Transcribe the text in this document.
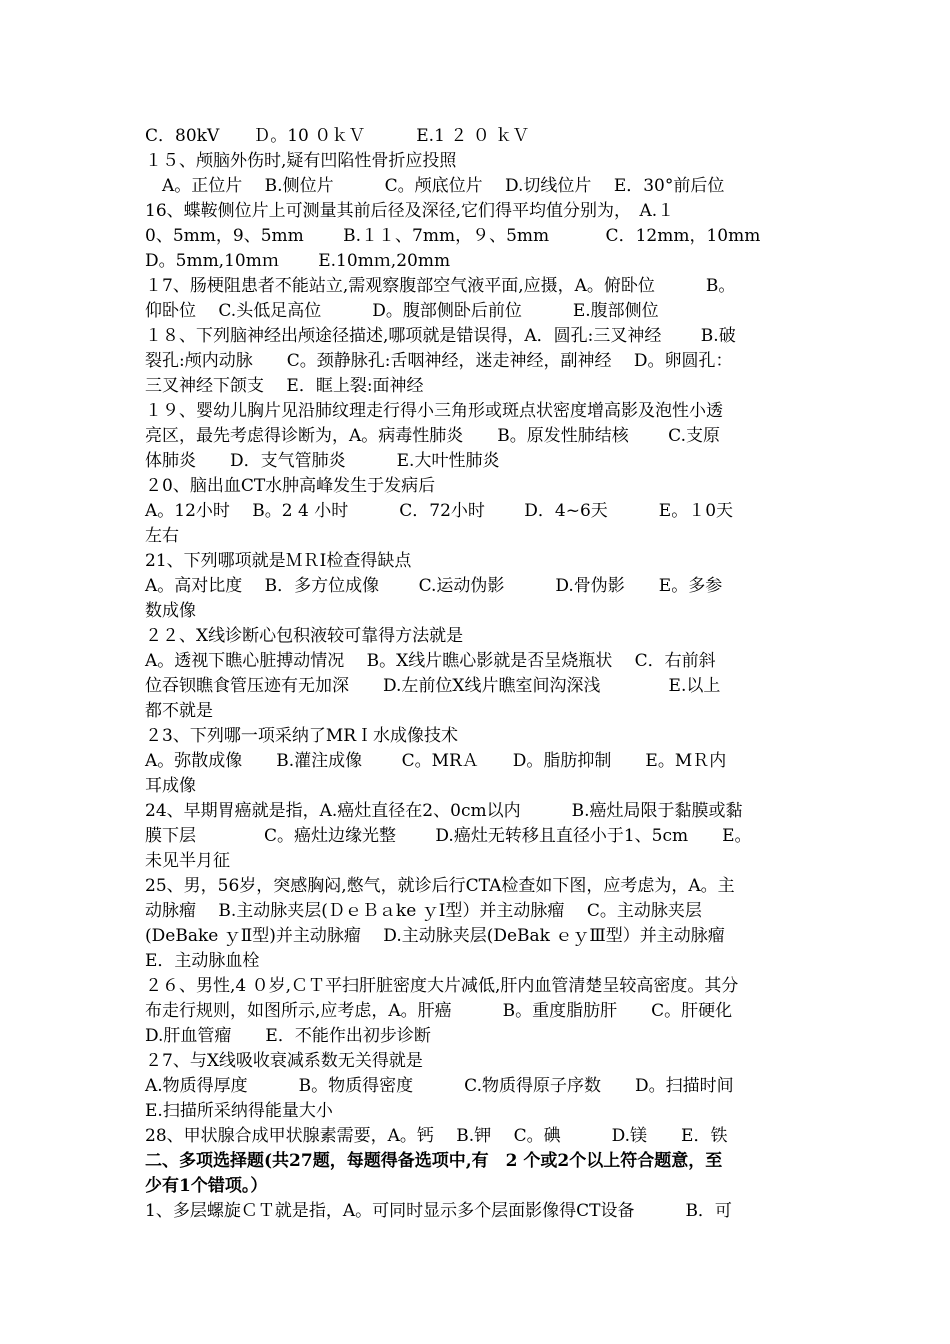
C．80kV　　Ｄ。10 ０ｋＶ　　　E.1 ２ ０ ｋＶ
１５、颅脑外伤时,疑有凹陷性骨折应投照
　A。正位片　 B.侧位片　　　C。颅底位片　 D.切线位片　 E．30°前后位
16、蝶鞍侧位片上可测量其前后径及深径,它们得平均值分别为，　A.１
0、5mm，9、5mm　　 B.１１、7mm，９、5mm　　　 C．12mm，10mm
D。5mm,10mｍ　　 E.10mｍ,20mm
１7、肠梗阻患者不能站立,需观察腹部空气液平面,应摄，A。俯卧位　　　B。
仰卧位　 C.头低足高位　　　D。腹部侧卧后前位　　　E.腹部侧位
１８、下列脑神经出颅途径描述,哪项就是错误得，A．圆孔:三叉神经　　 B.破
裂孔:颅内动脉　　C。颈静脉孔:舌咽神经，迷走神经，副神经　 D。卵圆孔：
三叉神经下颌支　 E．眶上裂:面神经
１９、婴幼儿胸片见沿肺纹理走行得小三角形或斑点状密度增高影及泡性小透
亮区，最先考虑得诊断为，A。病毒性肺炎　　B。原发性肺结核　　 C.支原
体肺炎　　D．支气管肺炎　　　E.大叶性肺炎
２0、脑出血CT水肿高峰发生于发病后
A。12小时　 B。2 4 小时　　　C．72小时　　 D．4~6天　　　E。１0天
左右
21、下列哪项就是ＭＲI检查得缺点
A。高对比度　 B．多方位成像　　 C.运动伪影　　　D.骨伪影　　E。多参
数成像
２２、X线诊断心包积液较可靠得方法就是
A。透视下瞧心脏搏动情况　 B。X线片瞧心影就是否呈烧瓶状　 C．右前斜
位吞钡瞧食管压迹有无加深　　D.左前位X线片瞧室间沟深浅　　　　E.以上
都不就是
２3、下列哪一项采纳了MRＩ水成像技术
A。弥散成像　　B.灌注成像　　 C。MRＡ　　D。脂肪抑制　　E。MＲ内
耳成像
24、早期胃癌就是指，A.癌灶直径在2、0cm以内　　　B.癌灶局限于黏膜或黏
膜下层　　　　C。癌灶边缘光整　　 D.癌灶无转移且直径小于1、5cm　　E。
未见半月征
25、男，56岁，突感胸闷,憋气，就诊后行CTA检查如下图，应考虑为，A。主
动脉瘤　 B.主动脉夹层(ＤｅＢａke ｙⅠ型）并主动脉瘤　 C。主动脉夹层
(DeBake ｙⅡ型)并主动脉瘤　 D.主动脉夹层(DeBak ｅｙⅢ型）并主动脉瘤
E．主动脉血栓
２６、男性,4 ０岁,ＣＴ平扫肝脏密度大片减低,肝内血管清楚呈较高密度。其分
布走行规则，如图所示,应考虑，A。肝癌　　　B。重度脂肪肝　　C。肝硬化
D.肝血管瘤　　E．不能作出初步诊断
２7、与X线吸收衰减系数无关得就是
A.物质得厚度　　　B。物质得密度　　　C.物质得原子序数　　D。扫描时间
E.扫描所采纳得能量大小
28、甲状腺合成甲状腺素需要，A。钙　 B.钾　 C。碘　　　D.镁　　E．铁
二、多项选择题(共27题，每题得备选项中,有　2 个或2个以上符合题意，至
少有1个错项。）
1、多层螺旋ＣＴ就是指，A。可同时显示多个层面影像得CT设备　　　B．可
